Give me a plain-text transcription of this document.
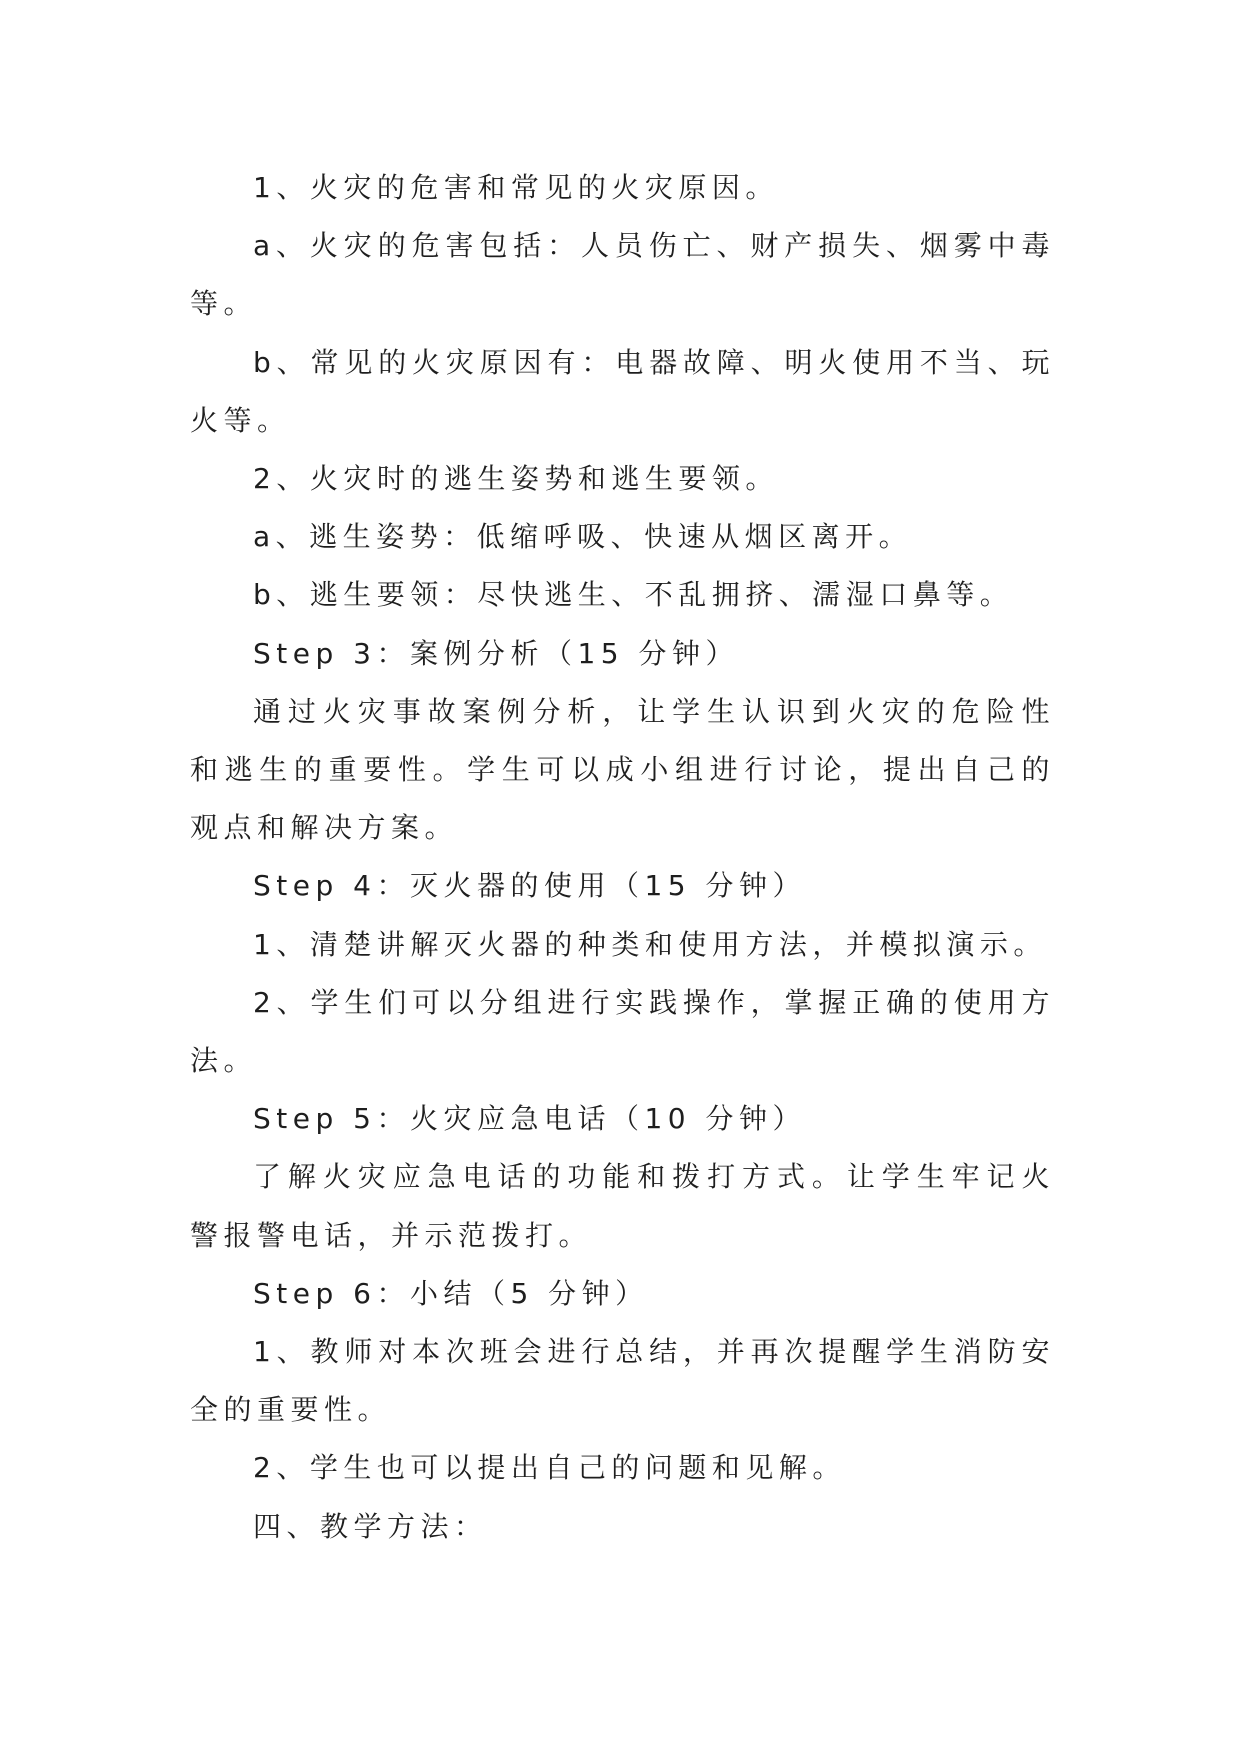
1、火灾的危害和常见的火灾原因。

a、火灾的危害包括：人员伤亡、财产损失、烟雾中毒等。

b、常见的火灾原因有：电器故障、明火使用不当、玩火等。

2、火灾时的逃生姿势和逃生要领。

a、逃生姿势：低缩呼吸、快速从烟区离开。

b、逃生要领：尽快逃生、不乱拥挤、濡湿口鼻等。

Step 3：案例分析（15 分钟）

通过火灾事故案例分析，让学生认识到火灾的危险性和逃生的重要性。学生可以成小组进行讨论，提出自己的观点和解决方案。

Step 4：灭火器的使用（15 分钟）

1、清楚讲解灭火器的种类和使用方法，并模拟演示。

2、学生们可以分组进行实践操作，掌握正确的使用方法。

Step 5：火灾应急电话（10 分钟）

了解火灾应急电话的功能和拨打方式。让学生牢记火警报警电话，并示范拨打。

Step 6：小结（5 分钟）

1、教师对本次班会进行总结，并再次提醒学生消防安全的重要性。

2、学生也可以提出自己的问题和见解。

四、教学方法：
